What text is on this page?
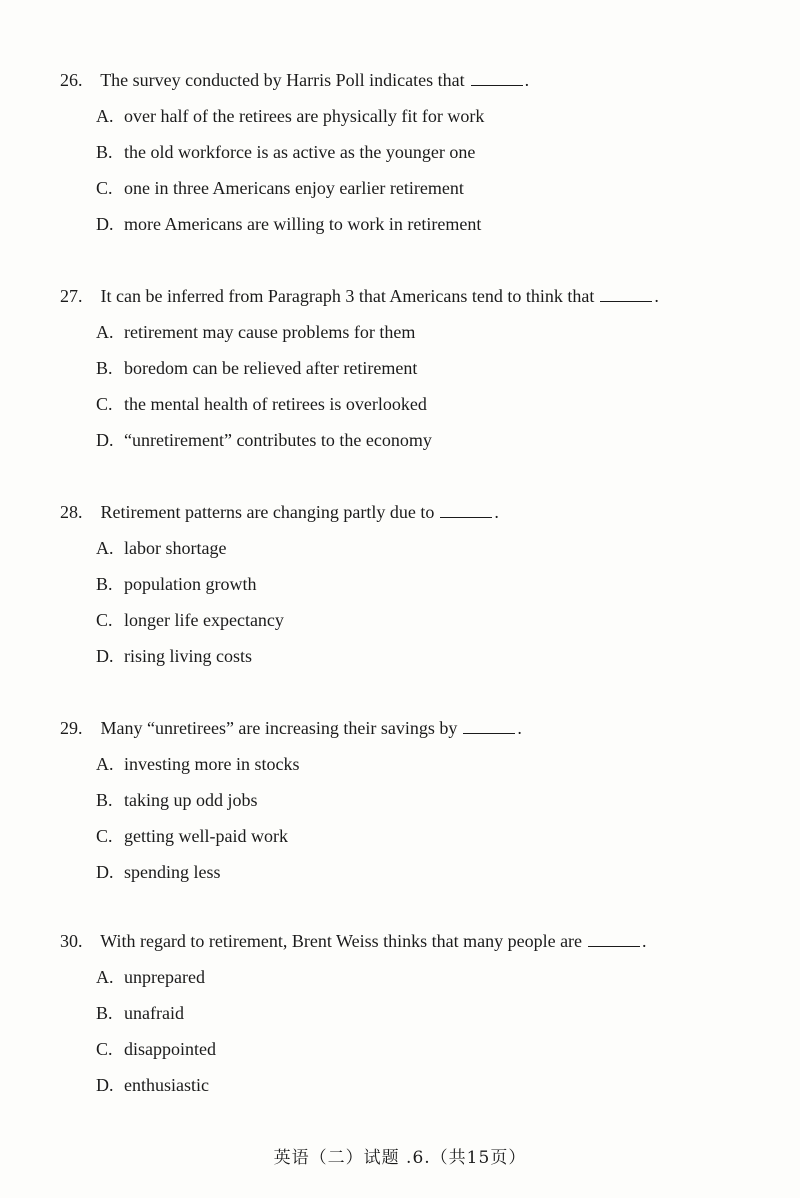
26. The survey conducted by Harris Poll indicates that	.
A. over half of the retirees are physically fit for work
B. the old workforce is as active as the younger one
C. one in three Americans enjoy earlier retirement
D. more Americans are willing to work in retirement
27. It can be inferred from Paragraph 3 that Americans tend to think that	.
A. retirement may cause problems for them
B. boredom can be relieved after retirement
C. the mental health of retirees is overlooked
D. “unretirement” contributes to the economy
28. Retirement patterns are changing partly due to	.
A. labor shortage
B. population growth
C. longer life expectancy
D. rising living costs
29. Many “unretirees” are increasing their savings by	.
A. investing more in stocks
B. taking up odd jobs
C. getting well-paid work
D. spending less
30. With regard to retirement, Brent Weiss thinks that many people are	.
A. unprepared
B. unafraid
C. disappointed
D. enthusiastic
英语（二）试题 .6.（共15页）
